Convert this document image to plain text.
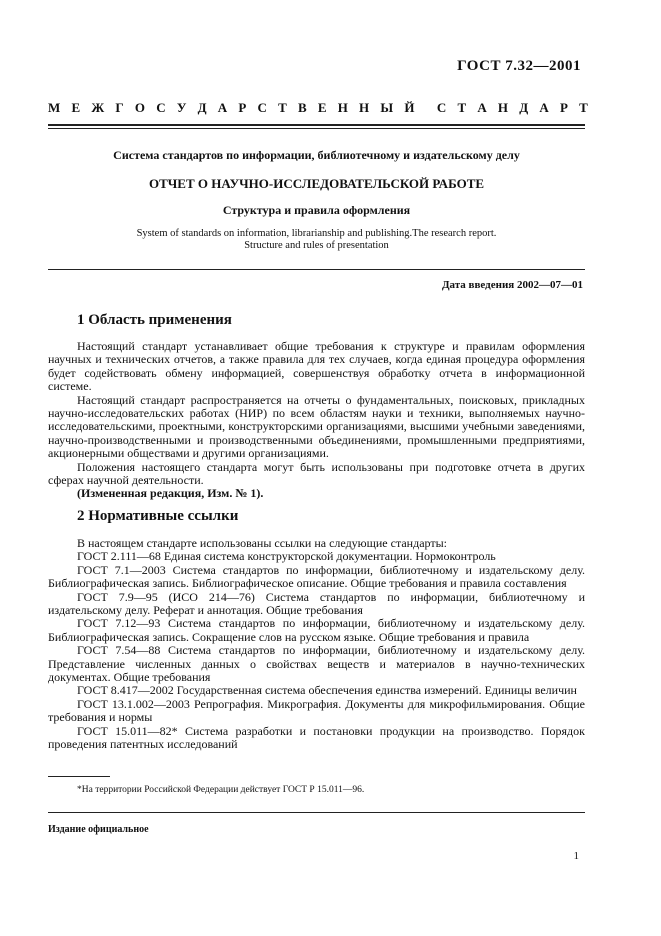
ГОСТ 7.32—2001
М Е Ж Г О С У Д А Р С Т В Е Н Н Ы Й С Т А Н Д А Р Т
Система стандартов по информации, библиотечному и издательскому делу
ОТЧЕТ О НАУЧНО-ИССЛЕДОВАТЕЛЬСКОЙ РАБОТЕ
Структура и правила оформления
System of standards on information, librarianship and publishing.The research report.
Structure and rules of presentation
Дата введения 2002—07—01
1 Область применения

Настоящий стандарт устанавливает общие требования к структуре и правилам оформления научных и технических отчетов, а также правила для тех случаев, когда единая процедура оформления будет содействовать обмену информацией, совершенствуя обработку отчета в информационной системе.

Настоящий стандарт распространяется на отчеты о фундаментальных, поисковых, прикладных научно-исследовательских работах (НИР) по всем областям науки и техники, выполняемых научно-исследовательскими, проектными, конструкторскими организациями, высшими учебными заведениями, научно-производственными и производственными объединениями, промышленными предприятиями, акционерными обществами и другими организациями.

Положения настоящего стандарта могут быть использованы при подготовке отчета в других сферах научной деятельности.

(Измененная редакция, Изм. № 1).

2 Нормативные ссылки

В настоящем стандарте использованы ссылки на следующие стандарты:

ГОСТ 2.111—68 Единая система конструкторской документации. Нормоконтроль

ГОСТ 7.1—2003 Система стандартов по информации, библиотечному и издательскому делу. Библиографическая запись. Библиографическое описание. Общие требования и правила составления

ГОСТ 7.9—95 (ИСО 214—76) Система стандартов по информации, библиотечному и издательскому делу. Реферат и аннотация. Общие требования

ГОСТ 7.12—93 Система стандартов по информации, библиотечному и издательскому делу. Библиографическая запись. Сокращение слов на русском языке. Общие требования и правила

ГОСТ 7.54—88 Система стандартов по информации, библиотечному и издательскому делу. Представление численных данных о свойствах веществ и материалов в научно-технических документах. Общие требования

ГОСТ 8.417—2002 Государственная система обеспечения единства измерений. Единицы величин

ГОСТ 13.1.002—2003 Репрография. Микрография. Документы для микрофильмирования. Общие требования и нормы

ГОСТ 15.011—82* Система разработки и постановки продукции на производство. Порядок проведения патентных исследований

*На территории Российской Федерации действует ГОСТ Р 15.011—96.
Издание официальное
1
